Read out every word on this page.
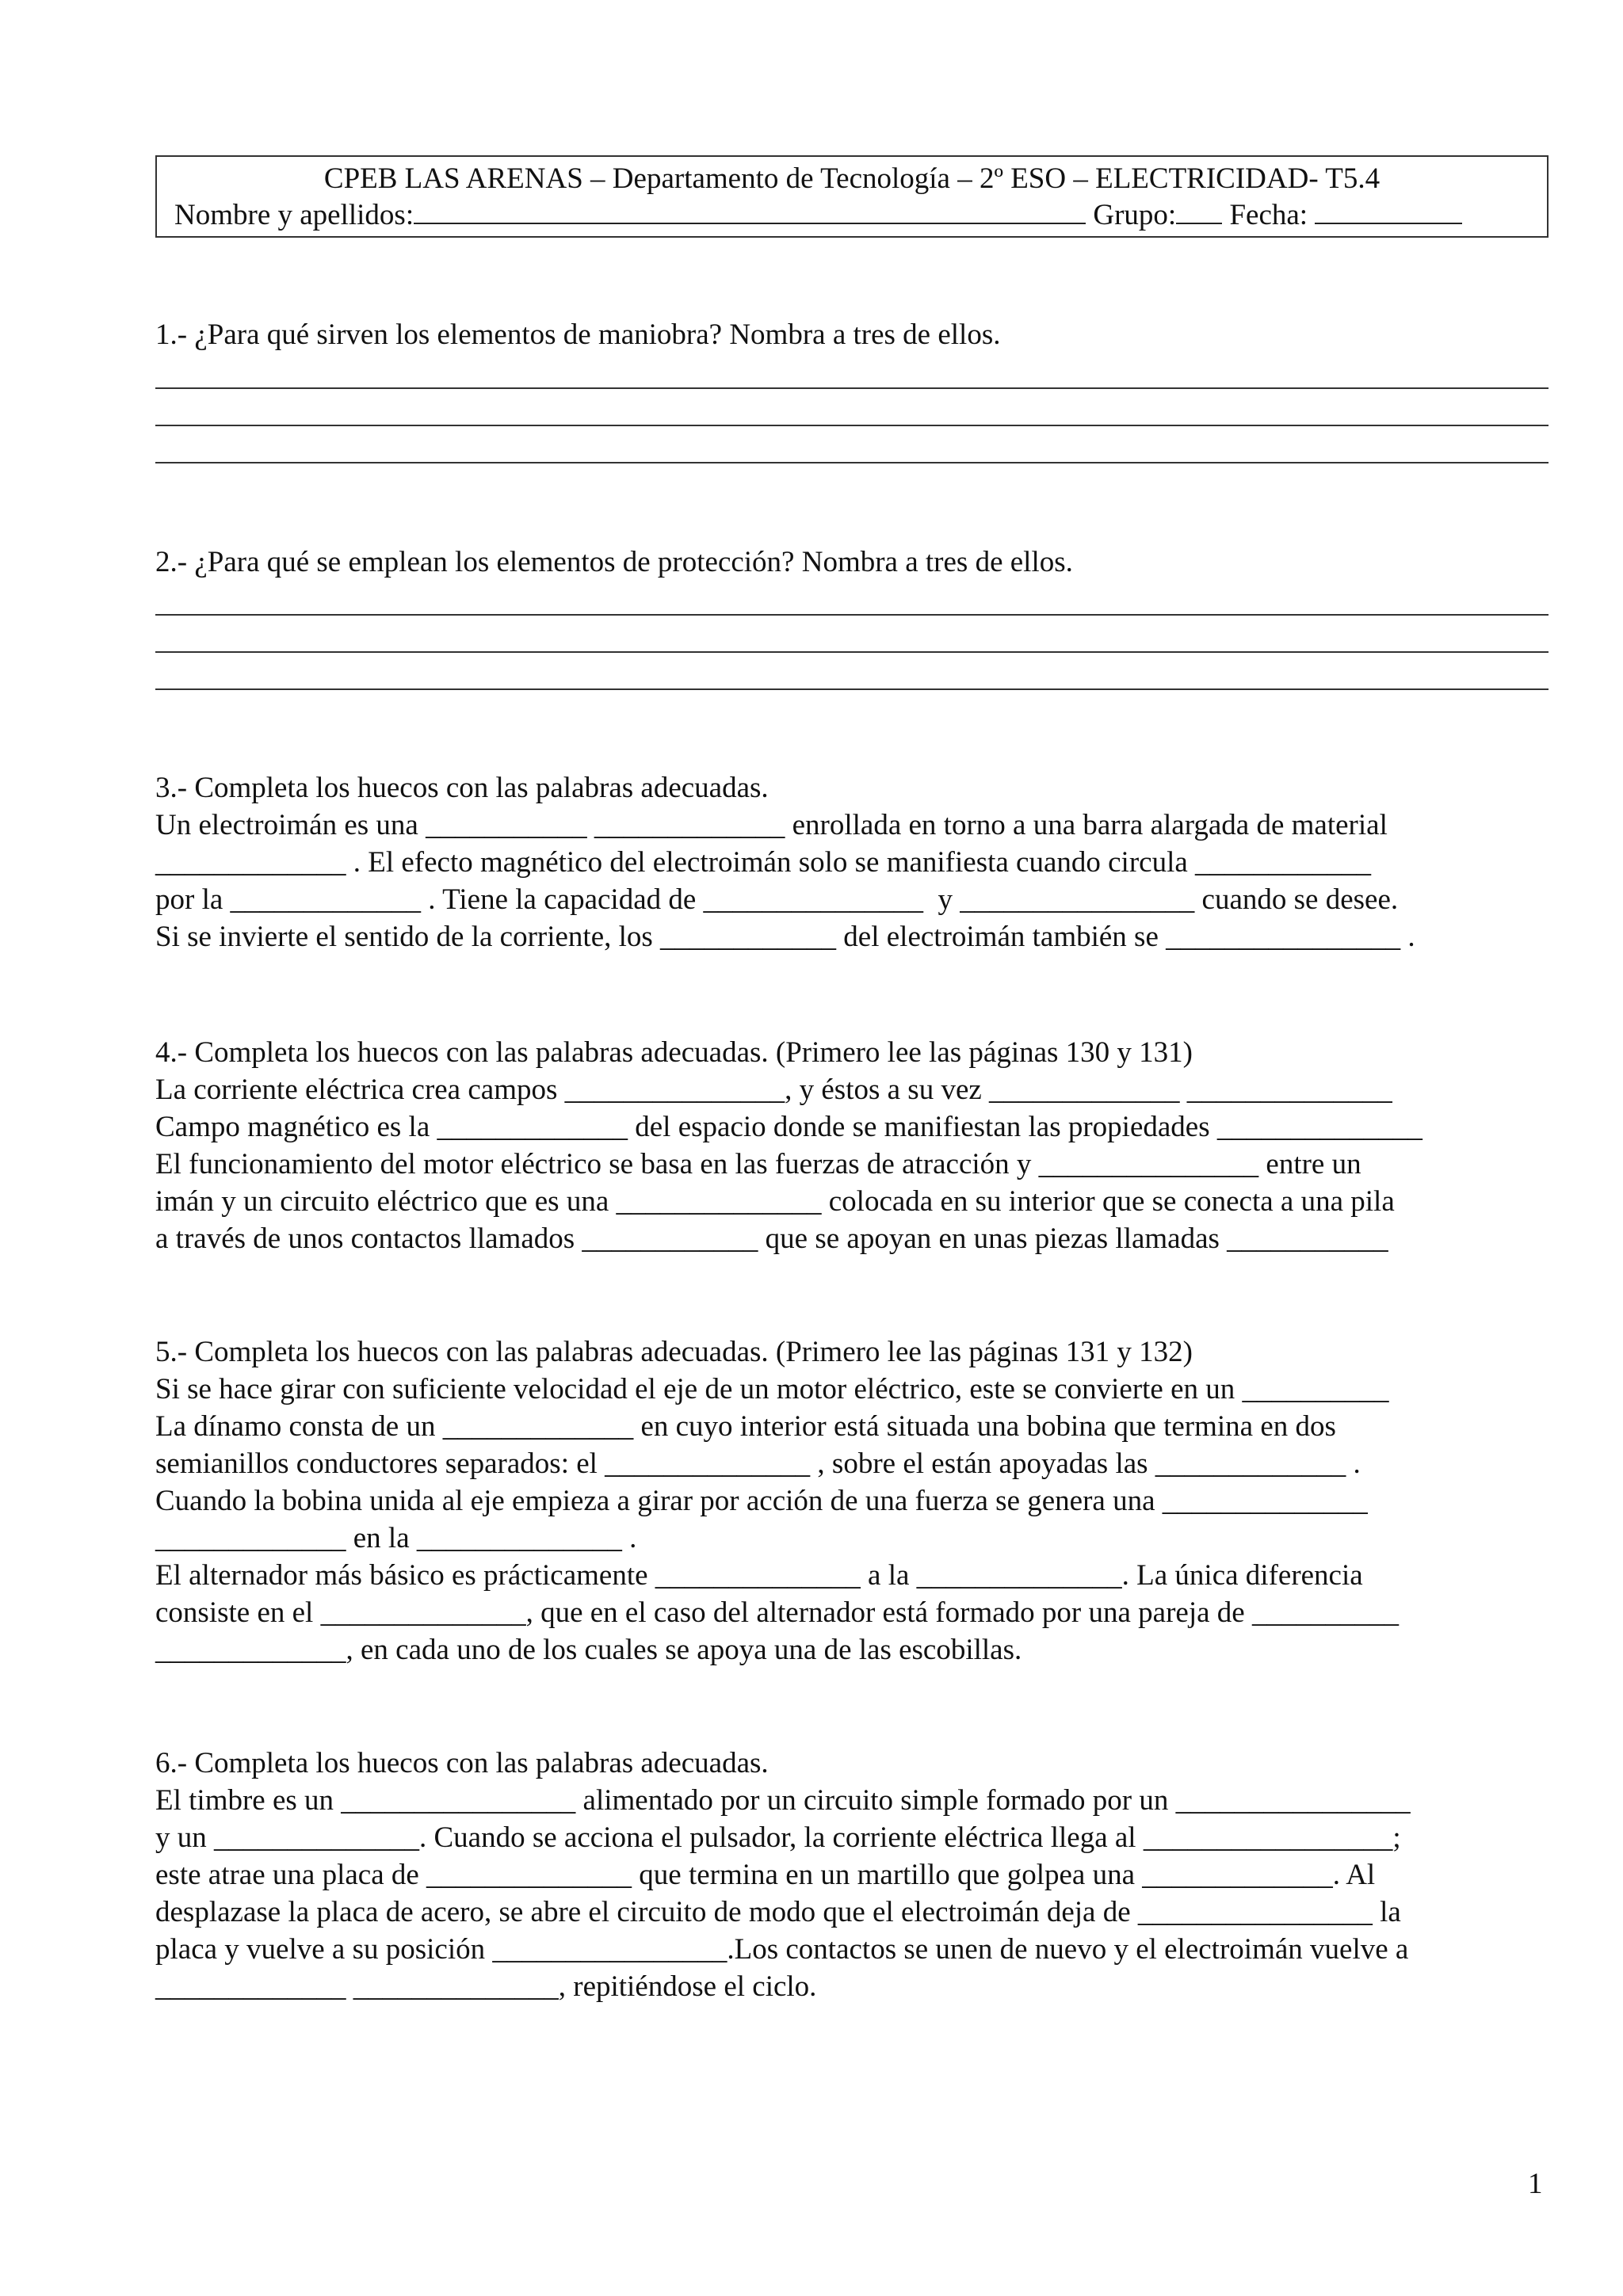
CPEB LAS ARENAS – Departamento de Tecnología – 2º ESO – ELECTRICIDAD- T5.4
Nombre y apellidos:	Grupo: Fecha:
1.- ¿Para qué sirven los elementos de maniobra? Nombra a tres de ellos.
2.- ¿Para qué se emplean los elementos de protección? Nombra a tres de ellos.
3.- Completa los huecos con las palabras adecuadas.
Un electroimán es una ___________ _____________ enrollada en torno a una barra alargada de material
_____________ . El efecto magnético del electroimán solo se manifiesta cuando circula ____________
por la _____________ . Tiene la capacidad de _______________  y ________________ cuando se desee.
Si se invierte el sentido de la corriente, los ____________ del electroimán también se ________________ .
4.- Completa los huecos con las palabras adecuadas. (Primero lee las páginas 130 y 131)
La corriente eléctrica crea campos _______________, y éstos a su vez _____________ ______________
Campo magnético es la _____________ del espacio donde se manifiestan las propiedades ______________
El funcionamiento del motor eléctrico se basa en las fuerzas de atracción y _______________ entre un
imán y un circuito eléctrico que es una ______________ colocada en su interior que se conecta a una pila
a través de unos contactos llamados ____________ que se apoyan en unas piezas llamadas ___________
5.- Completa los huecos con las palabras adecuadas. (Primero lee las páginas 131 y 132)
Si se hace girar con suficiente velocidad el eje de un motor eléctrico, este se convierte en un __________
La dínamo consta de un _____________ en cuyo interior está situada una bobina que termina en dos
semianillos conductores separados: el ______________ , sobre el están apoyadas las _____________ .
Cuando la bobina unida al eje empieza a girar por acción de una fuerza se genera una ______________
_____________ en la ______________ .
El alternador más básico es prácticamente ______________ a la ______________. La única diferencia
consiste en el ______________, que en el caso del alternador está formado por una pareja de __________
_____________, en cada uno de los cuales se apoya una de las escobillas.
6.- Completa los huecos con las palabras adecuadas.
El timbre es un ________________ alimentado por un circuito simple formado por un ________________
y un ______________. Cuando se acciona el pulsador, la corriente eléctrica llega al _________________;
este atrae una placa de ______________ que termina en un martillo que golpea una _____________. Al
desplazase la placa de acero, se abre el circuito de modo que el electroimán deja de ________________ la
placa y vuelve a su posición ________________.Los contactos se unen de nuevo y el electroimán vuelve a
_____________ ______________, repitiéndose el ciclo.
1
